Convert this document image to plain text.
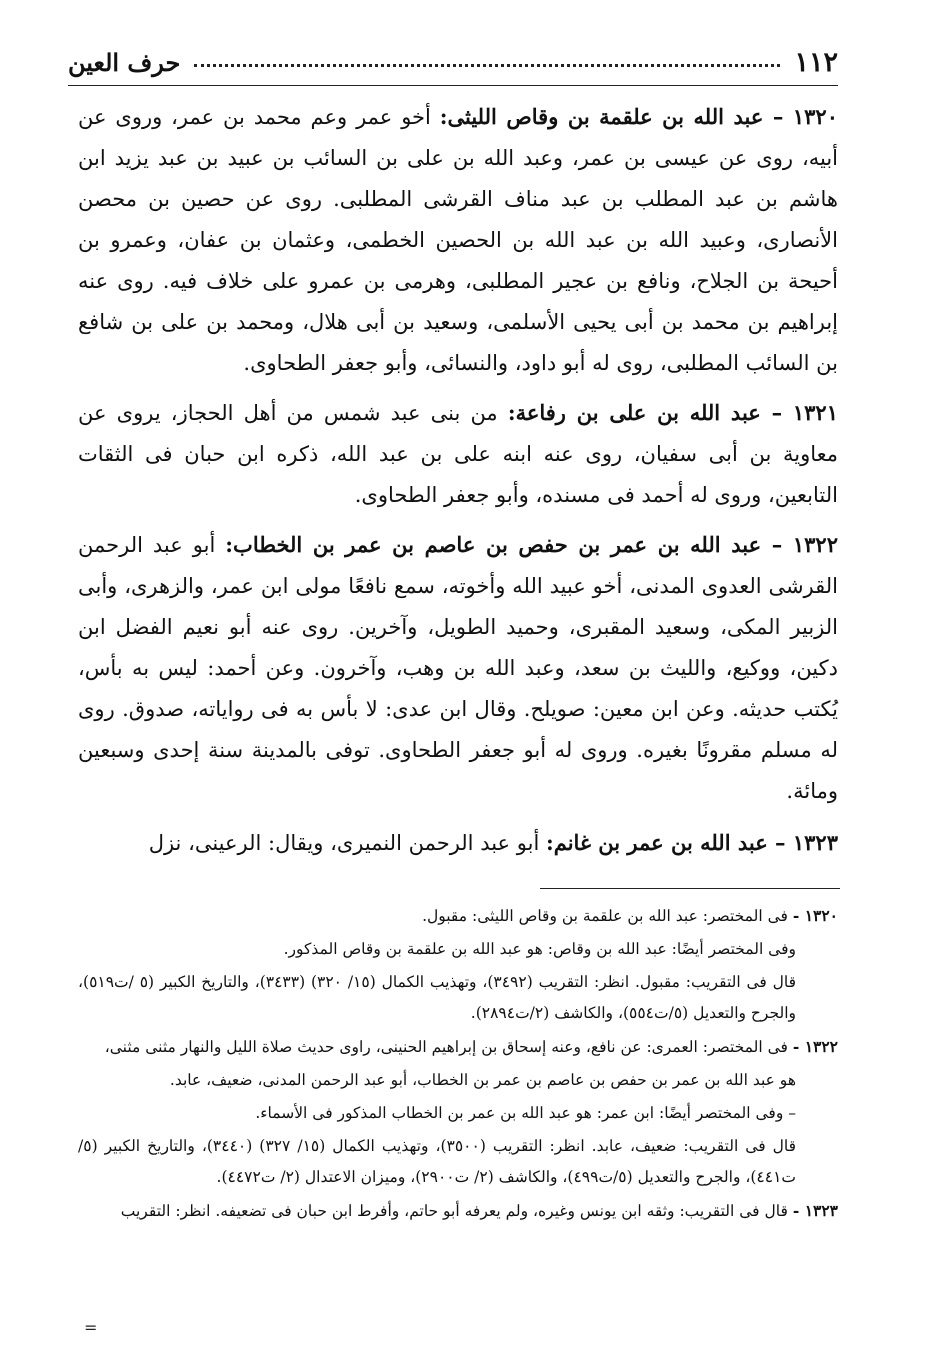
١١٢
حرف العين

١٣٢٠ – عبد الله بن علقمة بن وقاص الليثى: أخو عمر وعم محمد بن عمر، وروى عن أبيه، روى عن عيسى بن عمر، وعبد الله بن على بن السائب بن عبيد بن عبد يزيد ابن هاشم بن عبد المطلب بن عبد مناف القرشى المطلبى. روى عن حصين بن محصن الأنصارى، وعبيد الله بن عبد الله بن الحصين الخطمى، وعثمان بن عفان، وعمرو بن أحيحة بن الجلاح، ونافع بن عجير المطلبى، وهرمى بن عمرو على خلاف فيه. روى عنه إبراهيم بن محمد بن أبى يحيى الأسلمى، وسعيد بن أبى هلال، ومحمد بن على بن شافع بن السائب المطلبى، روى له أبو داود، والنسائى، وأبو جعفر الطحاوى.

١٣٢١ – عبد الله بن على بن رفاعة: من بنى عبد شمس من أهل الحجاز، يروى عن معاوية بن أبى سفيان، روى عنه ابنه على بن عبد الله، ذكره ابن حبان فى الثقات التابعين، وروى له أحمد فى مسنده، وأبو جعفر الطحاوى.

١٣٢٢ – عبد الله بن عمر بن حفص بن عاصم بن عمر بن الخطاب: أبو عبد الرحمن القرشى العدوى المدنى، أخو عبيد الله وأخوته، سمع نافعًا مولى ابن عمر، والزهرى، وأبى الزبير المكى، وسعيد المقبرى، وحميد الطويل، وآخرين. روى عنه أبو نعيم الفضل ابن دكين، ووكيع، والليث بن سعد، وعبد الله بن وهب، وآخرون. وعن أحمد: ليس به بأس، يُكتب حديثه. وعن ابن معين: صويلح. وقال ابن عدى: لا بأس به فى رواياته، صدوق. روى له مسلم مقرونًا بغيره. وروى له أبو جعفر الطحاوى. توفى بالمدينة سنة إحدى وسبعين ومائة.

١٣٢٣ – عبد الله بن عمر بن غانم: أبو عبد الرحمن النميرى، ويقال: الرعينى، نزل

١٣٢٠ - فى المختصر: عبد الله بن علقمة بن وقاص الليثى: مقبول.

وفى المختصر أيضًا: عبد الله بن وقاص: هو عبد الله بن علقمة بن وقاص المذكور.

قال فى التقريب: مقبول. انظر: التقريب (٣٤٩٢)، وتهذيب الكمال (١٥/ ٣٢٠) (٣٤٣٣)، والتاريخ الكبير (٥ /ت٥١٩)، والجرح والتعديل (٥/ت٥٥٤)، والكاشف (٢/ت٢٨٩٤).

١٣٢٢ - فى المختصر: العمرى: عن نافع، وعنه إسحاق بن إبراهيم الحنينى، راوى حديث صلاة الليل والنهار مثنى مثنى،

هو عبد الله بن عمر بن حفص بن عاصم بن عمر بن الخطاب، أبو عبد الرحمن المدنى، ضعيف، عابد.

– وفى المختصر أيضًا: ابن عمر: هو عبد الله بن عمر بن الخطاب المذكور فى الأسماء.

قال فى التقريب: ضعيف، عابد. انظر: التقريب (٣٥٠٠)، وتهذيب الكمال (١٥/ ٣٢٧) (٣٤٤٠)، والتاريخ الكبير (٥/ت٤٤١)، والجرح والتعديل (٥/ت٤٩٩)، والكاشف (٢/ ت٢٩٠٠)، وميزان الاعتدال (٢/ ت٤٤٧٢).

١٣٢٣ - قال فى التقريب: وثقه ابن يونس وغيره، ولم يعرفه أبو حاتم، وأفرط ابن حبان فى تضعيفه. انظر: التقريب

=
